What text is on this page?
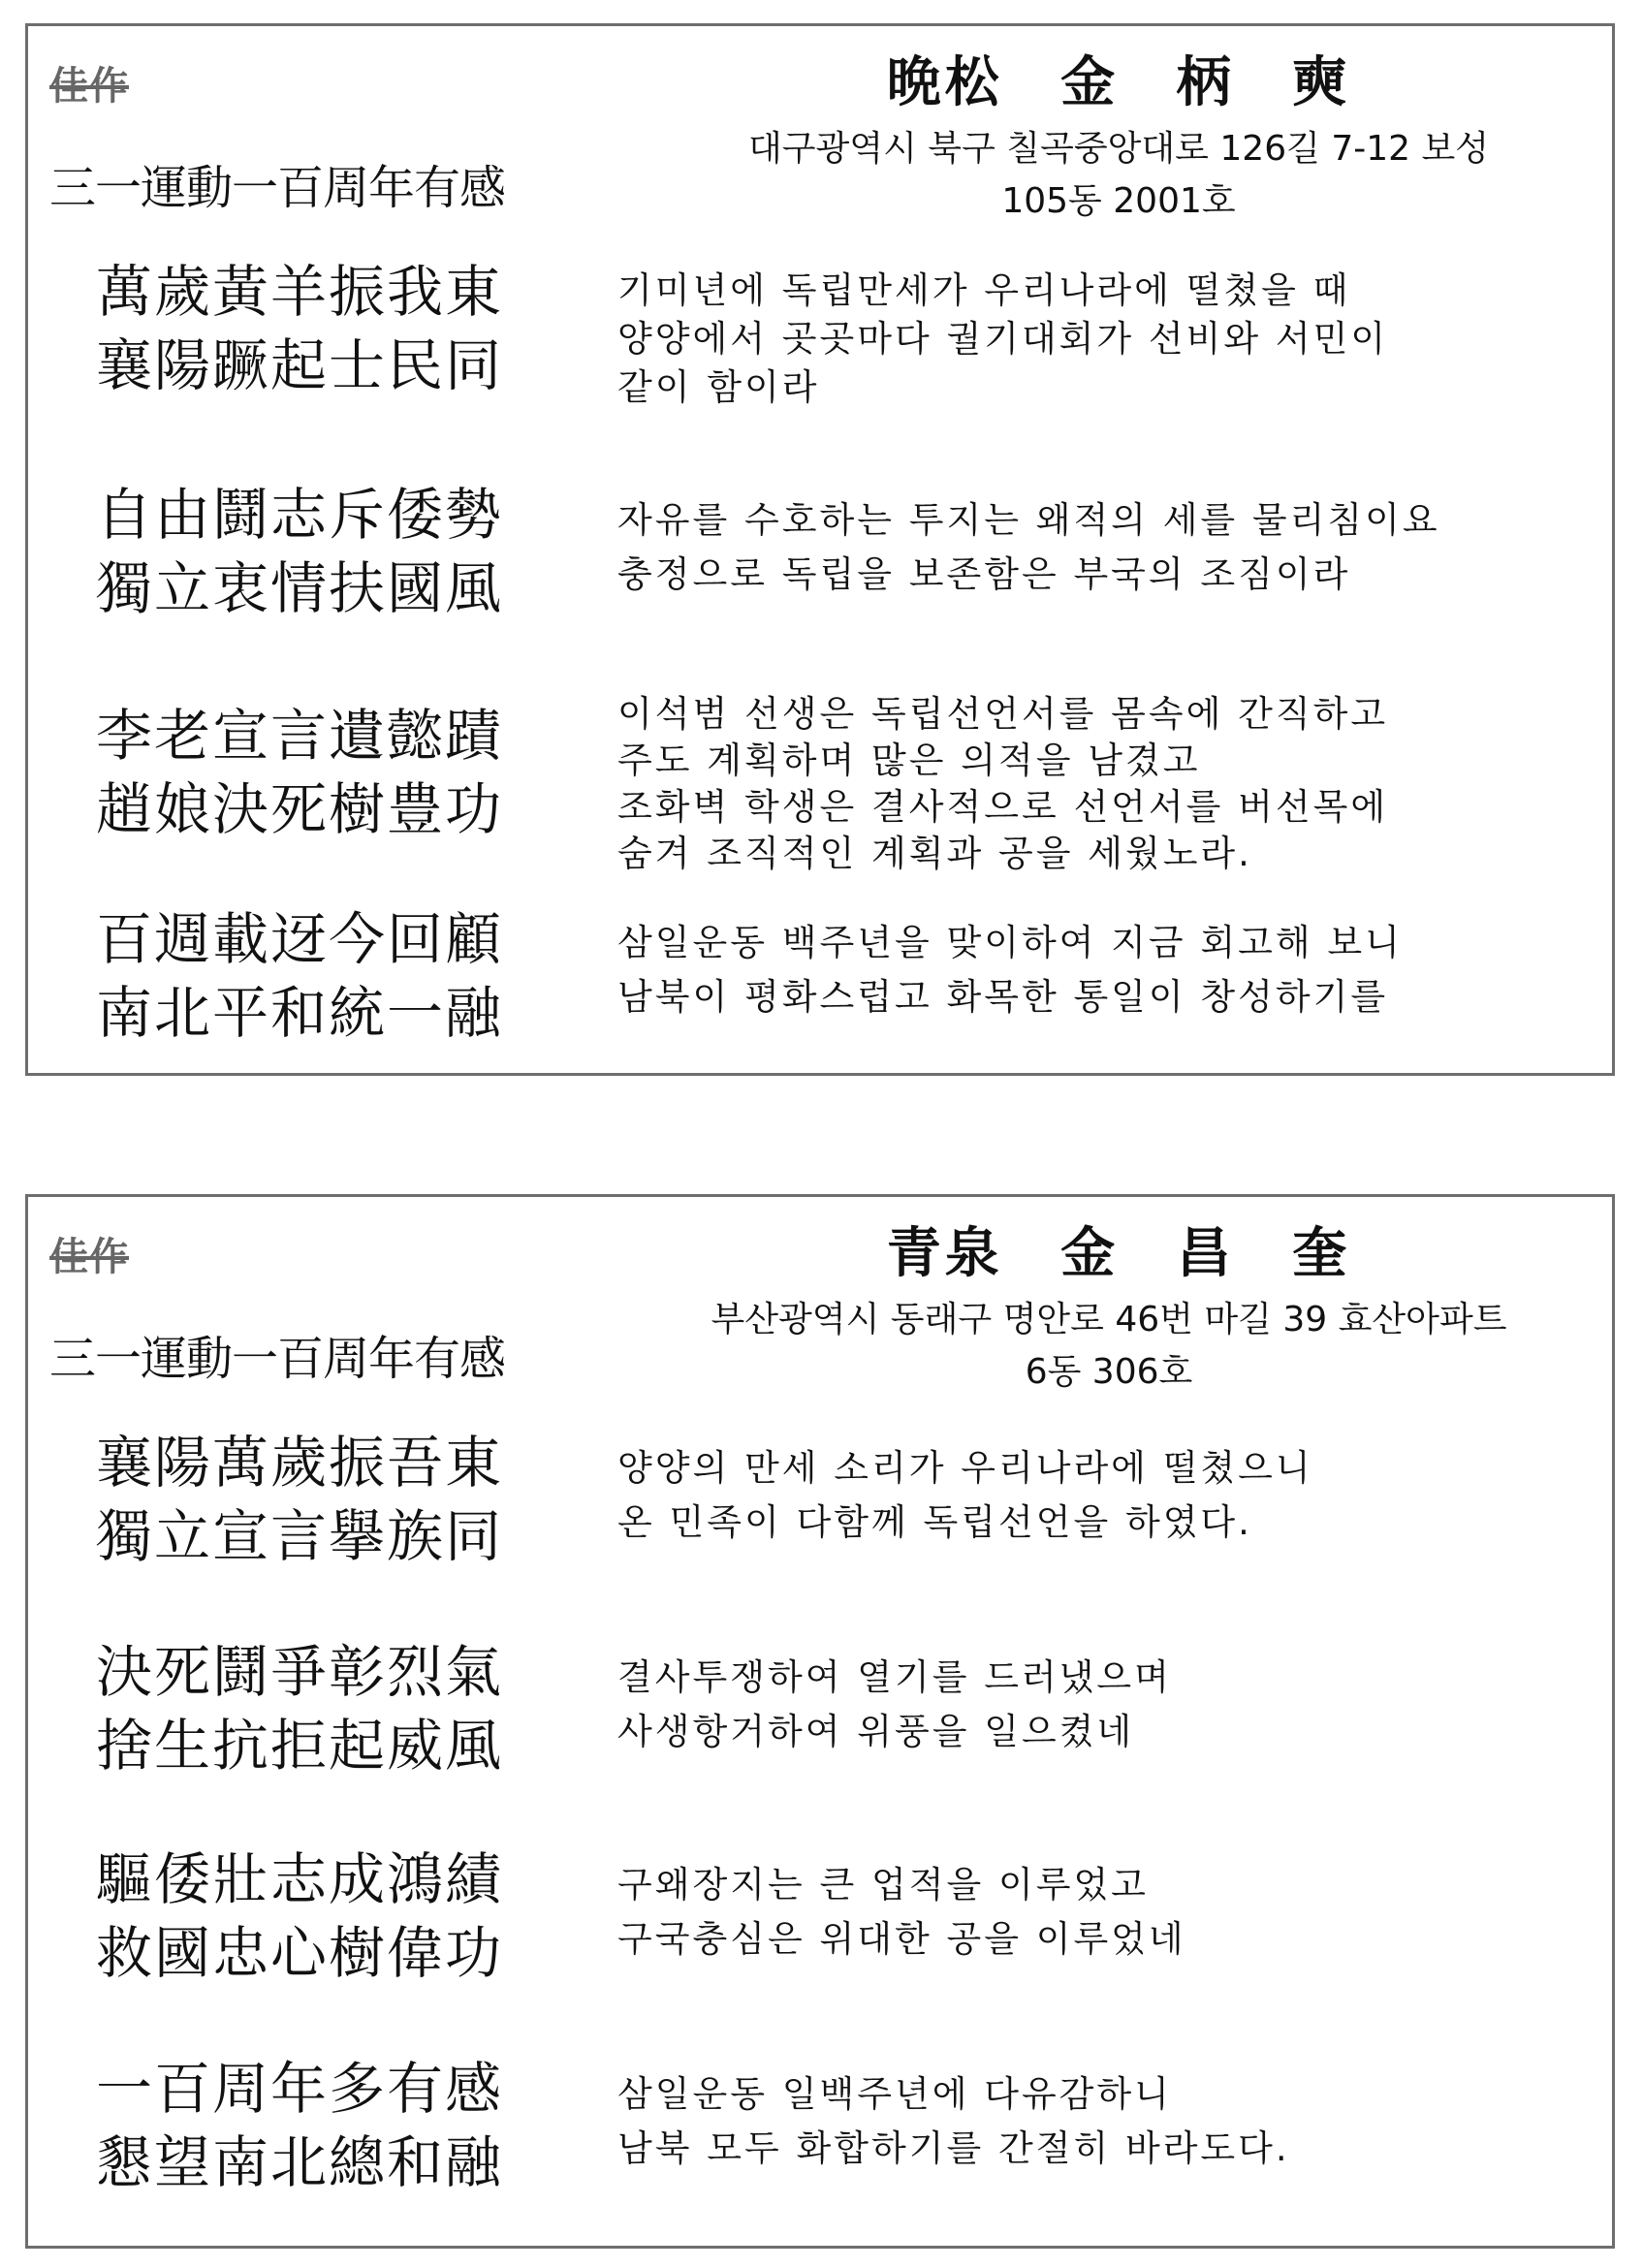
佳作	晩松 金 柄 奭
三一運動一百周年有感
대구광역시 북구 칠곡중앙대로 126길 7-12 보성
105동 2001호
萬歲黃羊振我東
襄陽蹶起士民同
기미년에 독립만세가 우리나라에 떨쳤을 때
양양에서 곳곳마다 궐기대회가 선비와 서민이
같이 함이라
自由鬪志斥倭勢
獨立衷情扶國風
자유를 수호하는 투지는 왜적의 세를 물리침이요
충정으로 독립을 보존함은 부국의 조짐이라
李老宣言遺懿蹟
趙娘決死樹豊功
이석범 선생은 독립선언서를 몸속에 간직하고
주도 계획하며 많은 의적을 남겼고
조화벽 학생은 결사적으로 선언서를 버선목에
숨겨 조직적인 계획과 공을 세웠노라.
百週載迓今回顧
南北平和統一融
삼일운동 백주년을 맞이하여 지금 회고해 보니
남북이 평화스럽고 화목한 통일이 창성하기를
佳作	青泉 金 昌 奎
三一運動一百周年有感
부산광역시 동래구 명안로 46번 마길 39 효산아파트
6동 306호
襄陽萬歲振吾東
獨立宣言擧族同
양양의 만세 소리가 우리나라에 떨쳤으니
온 민족이 다함께 독립선언을 하였다.
決死鬪爭彰烈氣
捨生抗拒起威風
결사투쟁하여 열기를 드러냈으며
사생항거하여 위풍을 일으켰네
驅倭壯志成鴻績
救國忠心樹偉功
구왜장지는 큰 업적을 이루었고
구국충심은 위대한 공을 이루었네
一百周年多有感
懇望南北總和融
삼일운동 일백주년에 다유감하니
남북 모두 화합하기를 간절히 바라도다.
